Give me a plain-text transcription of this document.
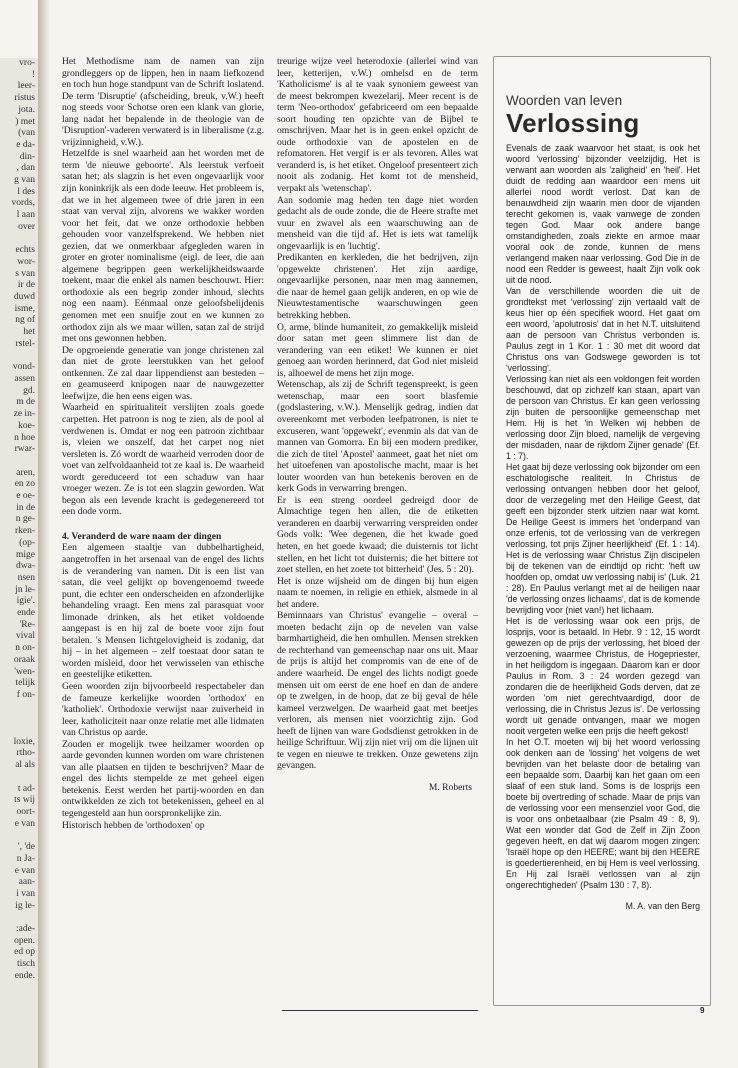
vro-

!

leer-

ristus

jota.

) met

(van

e da-

din-

, dan

g van

l des

vords,

l aan

over

echts

wor-

s van

ir de

duwd

isme,

ng of

het

rstel-

vond-

assen

gd.

m de

ze in-

koe-

n hoe

rwar-

aren,

en zo

e oe-

in de

n ge-

rken-

(op-

mige

dwa-

nsen

jn le-

igie'.

ende

'Re-

vival

n on-

oraak

'wen-

telijk

f on-

loxie,

rtho-

al als

t ad-

ts wij

oort-

e van

', 'de

n Ja-

e van

aan-

i van

ig le-

:ade-

open.

ed op

tisch

ende.

Het Methodisme nam de namen van zijn grondleggers op de lippen, hen in naam liefkozend en toch hun hoge standpunt van de Schrift loslatend. De term 'Disruptie' (afscheiding, breuk, v.W.) heeft nog steeds voor Schotse oren een klank van glorie, lang nadat het bepalende in de theologie van de 'Disruption'-vaderen verwaterd is in liberalisme (z.g. vrijzinnigheid, v.W.).

Hetzelfde is snel waarheid aan het worden met de term 'de nieuwe geboorte'. Als leerstuk verfoeit satan het; als slagzin is het even ongevaarlijk voor zijn koninkrijk als een dode leeuw. Het probleem is, dat we in het algemeen twee of drie jaren in een staat van verval zijn, alvorens we wakker worden voor het feit, dat we onze orthodoxie hebben gehouden voor vanzelfsprekend. We hebben niet gezien, dat we onmerkbaar afgegleden waren in groter en groter nominalisme (eigl. de leer, die aan algemene begrippen geen werkelijkheidswaarde toekent, maar die enkel als namen beschouwt. Hier: orthodoxie als een begrip zonder inhoud, slechts nog een naam). Eénmaal onze geloofsbelijdenis genomen met een snuifje zout en we kunnen zo orthodox zijn als we maar willen, satan zal de strijd met ons gewonnen hebben.

De opgroeiende generatie van jonge christenen zal dan niet de grote leerstukken van het geloof ontkennen. Ze zal daar lippendienst aan besteden – en geamuseerd knipogen naar de nauwgezetter leefwijze, die hen eens eigen was.

Waarheid en spiritualiteit verslijten zoals goede carpetten. Het patroon is nog te zien, als de pool al verdwenen is. Omdat er nog een patroon zichtbaar is, vleien we onszelf, dat het carpet nog niet versleten is. Zó wordt de waarheid verroden door de voet van zelfvoldaanheid tot ze kaal is. De waarheid wordt gereduceerd tot een schaduw van haar vroeger wezen. Ze is tot een slagzin geworden. Wat begon als een levende kracht is gedegenereerd tot een dode vorm.

4. Veranderd de ware naam der dingen

Een algemeen staaltje van dubbelhartigheid, aangetroffen in het arsenaal van de engel des lichts is de verandering van namen. Dit is een list van satan, die veel gelijkt op bovengenoemd tweede punt, die echter een onderscheiden en afzonderlijke behandeling vraagt. Een mens zal parasquat voor limonade drinken, als het etiket voldoende aangepast is en hij zal de boete voor zijn fout betalen. 's Mensen lichtgelovigheid is zodanig, dat hij – in het algemeen – zelf toestaat door satan te worden misleid, door het verwisselen van ethische en geestelijke etiketten.

Geen woorden zijn bijvoorbeeld respectabeler dan de fameuze kerkelijke woorden 'orthodox' en 'katholiek'. Orthodoxie verwijst naar zuiverheid in leer, katholiciteit naar onze relatie met alle lidmaten van Christus op aarde.

Zouden er mogelijk twee heilzamer woorden op aarde gevonden kunnen worden om ware christenen van alle plaatsen en tijden te beschrijven? Maar de engel des lichts stempelde ze met geheel eigen betekenis. Eerst werden het partij-woorden en dan ontwikkelden ze zich tot betekenissen, geheel en al tegengesteld aan hun oorspronkelijke zin.

Historisch hebben de 'orthodoxen' op

treurige wijze veel heterodoxie (allerlei wind van leer, ketterijen, v.W.) omhelsd en de term 'Katholicisme' is al te vaak synoniem geweest van de meest bekrompen kwezelarij. Meer recent is de term 'Neo-orthodox' gefabriceerd om een bepaalde soort houding ten opzichte van de Bijbel te omschrijven. Maar het is in geen enkel opzicht de oude orthodoxie van de apostelen en de refomatoren. Het vergif is er als tevoren. Alles wat veranderd is, is het etiket. Ongeloof presenteert zich nooit als zodanig. Het komt tot de mensheid, verpakt als 'wetenschap'.

Aan sodomie mag heden ten dage niet worden gedacht als de oude zonde, die de Heere strafte met vuur en zwavel als een waarschuwing aan de mensheid van die tijd af. Het is iets wat tamelijk ongevaarlijk is en 'luchtig'.

Predikanten en kerkleden, die het bedrijven, zijn 'opgewekte christenen'. Het zijn aardige, ongevaarlijke personen, naar men mag aannemen, die naar de hemel gaan gelijk anderen, en op wie de Nieuwtestamentische waarschuwingen geen betrekking hebben.

O, arme, blinde humaniteit, zo gemakkelijk misleid door satan met geen slimmere list dan de verandering van een etiket! We kunnen er niet genoeg aan worden herinnerd, dat God niet misleid is, alhoewel de mens het zijn moge.

Wetenschap, als zij de Schrift tegenspreekt, is geen wetenschap, maar een soort blasfemie (godslastering, v.W.). Menselijk gedrag, indien dat overeenkomt met verboden leefpatronen, is niet te excuseren, want 'opgewekt', evenmin als dat van de mannen van Gomorra. En bij een modern prediker, die zich de titel 'Apostel' aanmeet, gaat het niet om het uitoefenen van apostolische macht, maar is het louter woorden van hun betekenis beroven en de kerk Gods in verwarring brengen.

Er is een streng oordeel gedreigd door de Almachtige tegen hen allen, die de etiketten veranderen en daarbij verwarring verspreiden onder Gods volk: 'Wee degenen, die het kwade goed heten, en het goede kwaad; die duisternis tot licht stellen, en het licht tot duisternis; die het bittere tot zoet stellen, en het zoete tot bitterheid' (Jes. 5 : 20).

Het is onze wijsheid om de dingen bij hun eigen naam te noemen, in religie en ethiek, alsmede in al het andere.

Beminnaars van Christus' evangelie – overal – moeten bedacht zijn op de nevelen van valse barmhartigheid, die hen omhullen. Mensen strekken de rechterhand van gemeenschap naar ons uit. Maar de prijs is altijd het compromis van de ene of de andere waarheid. De engel des lichts nodigt goede mensen uit om eerst de ene hoef en dan de andere op te zwelgen, in de hoop, dat ze bij geval de héle kameel verzwelgen. De waarheid gaat met beetjes verloren, als mensen niet voorzichtig zijn. God heeft de lijnen van ware Godsdienst getrokken in de heilige Schriftuur. Wij zijn niet vrij om die lijnen uit te vegen en nieuwe te trekken. Onze gewetens zijn gevangen.

M. Roberts

Woorden van leven

Verlossing

Evenals de zaak waarvoor het staat, is ook het woord 'verlossing' bijzonder veelzijdig. Het is verwant aan woorden als 'zaligheid' en 'heil'. Het duidt de redding aan waardoor een mens uit allerlei nood wordt verlost. Dat kan de benauwdheid zijn waarin men door de vijanden terecht gekomen is, vaak vanwege de zonden tegen God. Maar ook andere bange omstandigheden, zoals ziekte en armoe maar vooral ook de zonde, kunnen de mens verlangend maken naar verlossing. God Die in de nood een Redder is geweest, haalt Zijn volk ook uit de nood.

Van de verschillende woorden die uit de grondtekst met 'verlossing' zijn vertaald valt de keus hier op één specifiek woord. Het gaat om een woord, 'apolutrosis' dat in het N.T. uitsluitend aan de persoon van Christus verbonden is. Paulus zegt in 1 Kor. 1 : 30 met dit woord dat Christus ons van Godswege geworden is tot 'verlossing'.

Verlossing kan niet als een voldongen feit worden beschouwd, dat op zichzelf kan staan, apart van de persoon van Christus. Er kan geen verlossing zijn buiten de persoonlijke gemeenschap met Hem. Hij is het 'in Welken wij hebben de verlossing door Zijn bloed, namelijk de vergeving der misdaden, naar de rijkdom Zijner genade' (Ef. 1 : 7).

Het gaat bij deze verlossing ook bijzonder om een eschatologische realiteit. In Christus de verlossing ontvangen hebben door het geloof, door de verzegeling met den Heilige Geest, dat geeft een bijzonder sterk uitzien naar wat komt. De Heilige Geest is immers het 'onderpand van onze erfenis, tot de verlossing van de verkregen verlossing, tot prijs Zijner heerlijkheid' (Ef. 1 : 14). Het is de verlossing waar Christus Zijn discipelen bij de tekenen van de eindtijd op richt: 'heft uw hoofden op, omdat uw verlossing nabij is' (Luk. 21 : 28). En Paulus verlangt met al de heiligen naar 'de verlossing onzes lichaams', dat is de komende bevrijding voor (niet van!) het lichaam.

Het is de verlossing waar ook een prijs, de losprijs, voor is betaald. In Hebr. 9 : 12, 15 wordt gewezen op de prijs der verlossing, het bloed der verzoening, waarmee Christus, de Hogepriester, in het heiligdom is ingegaan. Daarom kan er door Paulus in Rom. 3 : 24 worden gezegd van zondaren die de heerlijkheid Gods derven, dat ze worden 'om niet gerechtvaardigd, door de verlossing, die in Christus Jezus is'. De verlossing wordt uit genade ontvangen, maar we mogen nooit vergeten welke een prijs die heeft gekost!

In het O.T. moeten wij bij het woord verlossing ook denken aan de 'lossing' het volgens de wet bevrijden van het belaste door de betaling van een bepaalde som. Daarbij kan het gaan om een slaaf of een stuk land. Soms is de losprijs een boete bij overtreding of schade. Maar de prijs van de verlossing voor een mensenziel voor God, die is voor ons onbetaalbaar (zie Psalm 49 : 8, 9). Wat een wonder dat God de Zelf in Zijn Zoon gegeven heeft, en dat wij daarom mogen zingen: 'Israël hope op den HEERE; want bij den HEERE is goedertierenheid, en bij Hem is veel verlossing. En Hij zal Israël verlossen van al zijn ongerechtigheden' (Psalm 130 : 7, 8).

M. A. van den Berg

9
